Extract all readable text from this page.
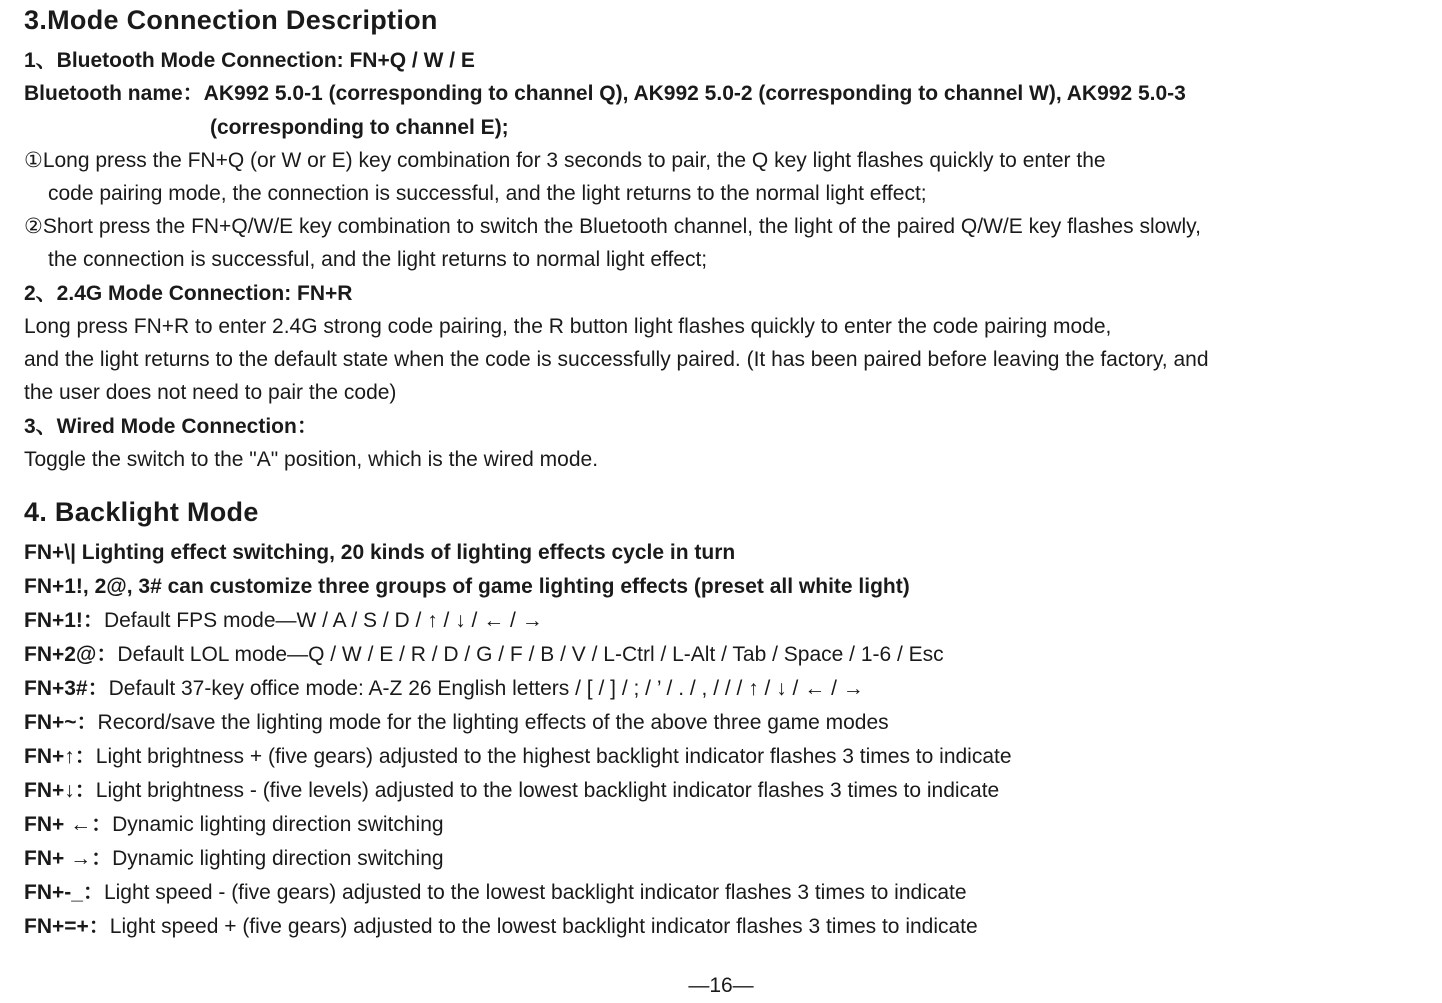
3.Mode Connection Description
1、Bluetooth Mode Connection: FN+Q / W / E
Bluetooth name：AK992 5.0-1 (corresponding to channel Q), AK992 5.0-2 (corresponding to channel W), AK992 5.0-3
(corresponding to channel E);
①Long press the FN+Q (or W or E) key combination for 3 seconds to pair, the Q key light flashes quickly to enter the
code pairing mode, the connection is successful, and the light returns to the normal light effect;
②Short press the FN+Q/W/E key combination to switch the Bluetooth channel, the light of the paired Q/W/E key flashes slowly,
the connection is successful, and the light returns to normal light effect;
2、2.4G Mode Connection: FN+R
Long press FN+R to enter 2.4G strong code pairing, the R button light flashes quickly to enter the code pairing mode,
and the light returns to the default state when the code is successfully paired. (It has been paired before leaving the factory, and
the user does not need to pair the code)
3、Wired Mode Connection：
Toggle the switch to the "A" position, which is the wired mode.
4. Backlight Mode
FN+\| Lighting effect switching, 20 kinds of lighting effects cycle in turn
FN+1!, 2@, 3# can customize three groups of game lighting effects (preset all white light)
FN+1!：Default FPS mode—W / A / S / D / ↑ / ↓ / ← / →
FN+2@：Default LOL mode—Q / W / E / R / D / G / F / B / V / L-Ctrl / L-Alt / Tab / Space / 1-6 / Esc
FN+3#：Default 37-key office mode: A-Z 26 English letters / [ / ] / ; / ’ / . / , / / / ↑ / ↓ / ← / →
FN+~：Record/save the lighting mode for the lighting effects of the above three game modes
FN+↑：Light brightness + (five gears) adjusted to the highest backlight indicator flashes 3 times to indicate
FN+↓：Light brightness - (five levels) adjusted to the lowest backlight indicator flashes 3 times to indicate
FN+ ←：Dynamic lighting direction switching
FN+ →：Dynamic lighting direction switching
FN+-_：Light speed - (five gears) adjusted to the lowest backlight indicator flashes 3 times to indicate
FN+=+：Light speed + (five gears) adjusted to the lowest backlight indicator flashes 3 times to indicate
—16—
